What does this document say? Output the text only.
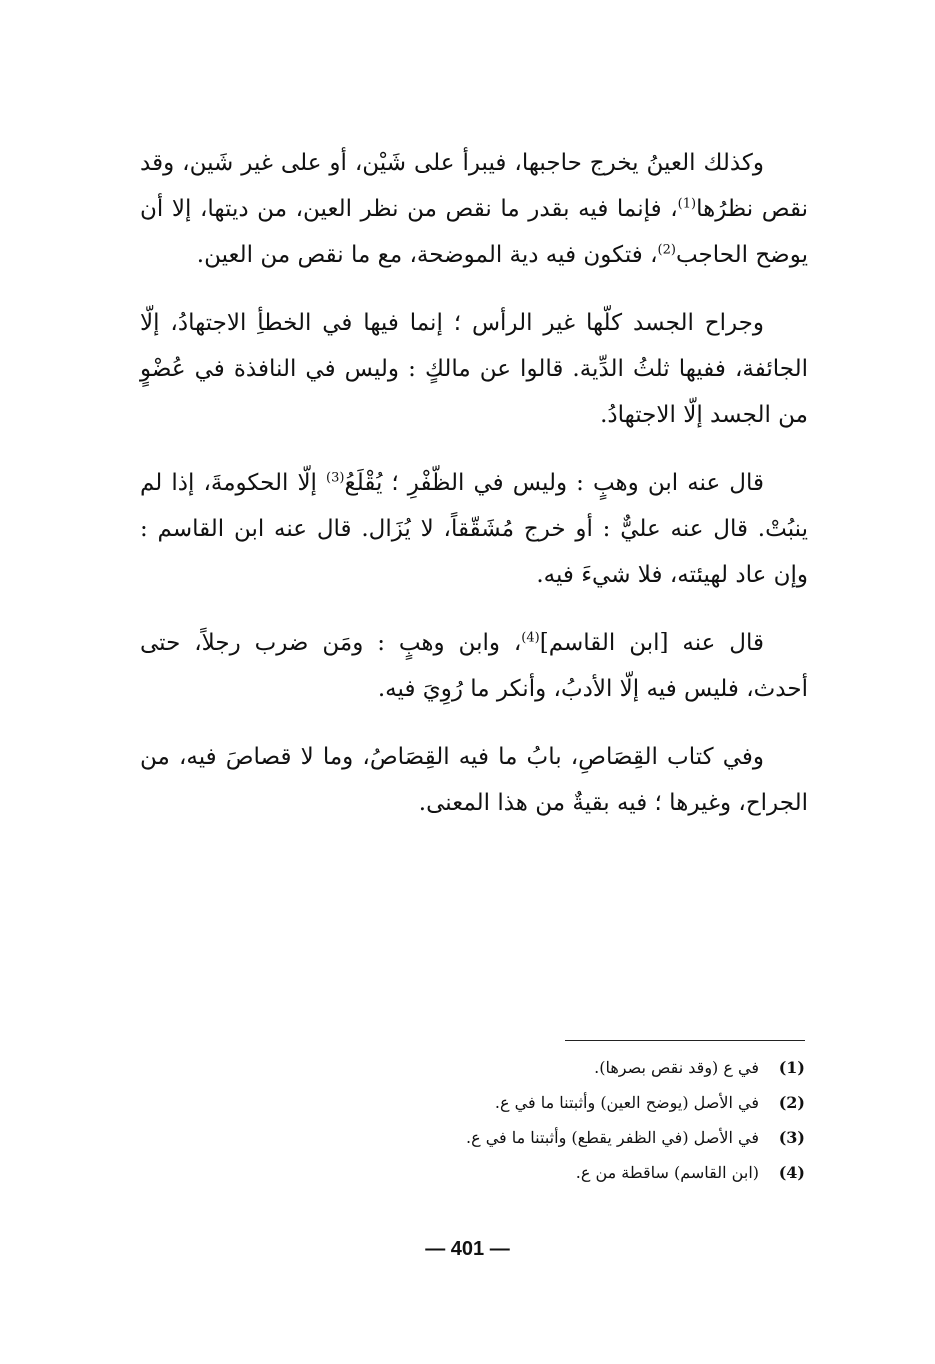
وكذلك العينُ يخرج حاجبها، فيبرأ على شَيْن، أو على غير شَين، وقد نقص نظرُها$^{(1)}$، فإنما فيه بقدر ما نقص من نظر العين، من ديتها، إلا أن يوضح الحاجب$^{(2)}$، فتكون فيه دية الموضحة، مع ما نقص من العين.

وجراح الجسد كلّها غير الرأس ؛ إنما فيها في الخطأِ الاجتهادُ، إلّا الجائفة، ففيها ثلثُ الدِّية. قالوا عن مالكٍ : وليس في النافذة في عُضْوٍ من الجسد إلّا الاجتهادُ.

قال عنه ابن وهبٍ : وليس في الظّفْرِ ؛ يُقْلَعُ$^{(3)}$ إلّا الحكومةَ، إذا لم ينبُتْ. قال عنه عليٌّ : أو خرج مُشَقّقاً، لا يُزَال. قال عنه ابن القاسم : وإن عاد لهيئته، فلا شيءَ فيه.

قال عنه [ابن القاسم]$^{(4)}$، وابن وهبٍ : ومَن ضرب رجلاً، حتى أحدث، فليس فيه إلّا الأدبُ، وأنكر ما رُوِيَ فيه.

وفي كتاب القِصَاصِ، بابُ ما فيه القِصَاصُ، وما لا قصاصَ فيه، من الجراح، وغيرها ؛ فيه بقيةٌ من هذا المعنى.

(1)
في ع (وقد نقص بصرها).
(2)
في الأصل (يوضح العين) وأثبتنا ما في ع.
(3)
في الأصل (في الظفر يقطع) وأثبتنا ما في ع.
(4)
(ابن القاسم) ساقطة من ع.
— 401 —
